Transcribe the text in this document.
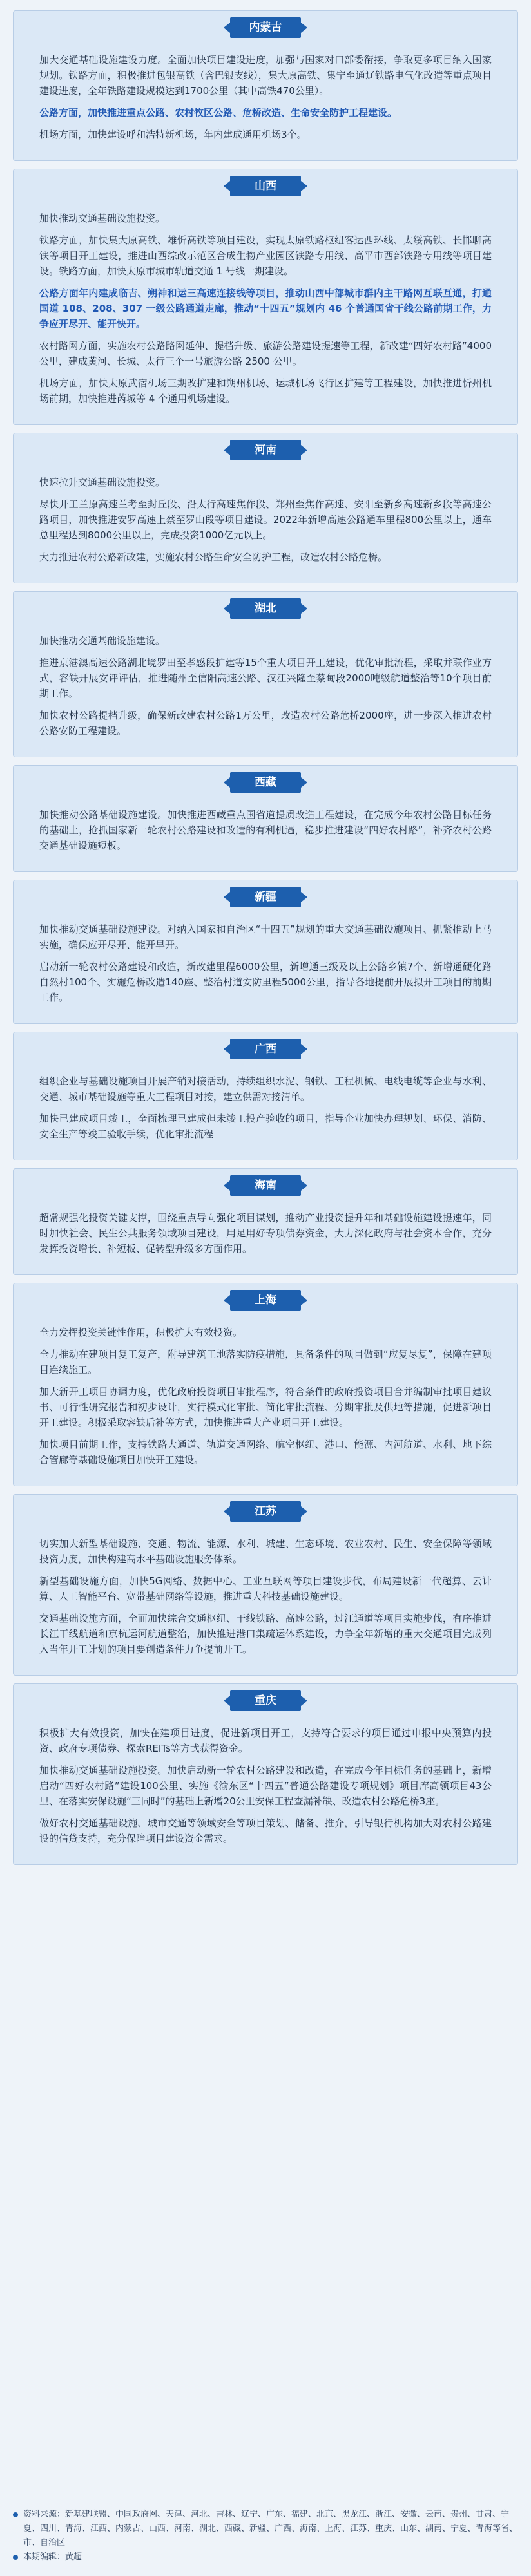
内蒙古

加大交通基础设施建设力度。全面加快项目建设进度，加强与国家对口部委衔接，争取更多项目纳入国家规划。铁路方面，积极推进包银高铁（含巴银支线），集大原高铁、集宁至通辽铁路电气化改造等重点项目建设进度，全年铁路建设规模达到1700公里（其中高铁470公里）。

公路方面，加快推进重点公路、农村牧区公路、危桥改造、生命安全防护工程建设。

机场方面，加快建设呼和浩特新机场，年内建成通用机场3个。

山西

加快推动交通基础设施投资。

铁路方面，加快集大原高铁、雄忻高铁等项目建设，实现太原铁路枢纽客运西环线、太绥高铁、长邯聊高铁等项目开工建设，推进山西综改示范区合成生物产业园区铁路专用线、高平市西部铁路专用线等项目建设。铁路方面，加快太原市城市轨道交通 1 号线一期建设。

公路方面年内建成临吉、朔神和运三高速连接线等项目，推动山西中部城市群内主干路网互联互通，打通国道 108、208、307 一级公路通道走廊，推动“十四五”规划内 46 个普通国省干线公路前期工作，力争应开尽开、能开快开。

农村路网方面，实施农村公路路网延伸、提档升级、旅游公路建设提速等工程，新改建“四好农村路”4000 公里，建成黄河、长城、太行三个一号旅游公路 2500 公里。

机场方面，加快太原武宿机场三期改扩建和朔州机场、运城机场飞行区扩建等工程建设，加快推进忻州机场前期，加快推进芮城等 4 个通用机场建设。

河南

快速拉升交通基础设施投资。

尽快开工兰原高速兰考至封丘段、沿太行高速焦作段、郑州至焦作高速、安阳至新乡高速新乡段等高速公路项目，加快推进安罗高速上蔡至罗山段等项目建设。2022年新增高速公路通车里程800公里以上，通车总里程达到8000公里以上，完成投资1000亿元以上。

大力推进农村公路新改建，实施农村公路生命安全防护工程，改造农村公路危桥。

湖北

加快推动交通基础设施建设。

推进京港澳高速公路湖北境罗田至孝感段扩建等15个重大项目开工建设，优化审批流程，采取并联作业方式，容缺开展安评评估，推进随州至信阳高速公路、汉江兴隆至蔡甸段2000吨级航道整治等10个项目前期工作。

加快农村公路提档升级，确保新改建农村公路1万公里，改造农村公路危桥2000座，进一步深入推进农村公路安防工程建设。

西藏

加快推动公路基础设施建设。加快推进西藏重点国省道提质改造工程建设，在完成今年农村公路目标任务的基础上，抢抓国家新一轮农村公路建设和改造的有利机遇，稳步推进建设“四好农村路”，补齐农村公路交通基础设施短板。

新疆

加快推动交通基础设施建设。对纳入国家和自治区“十四五”规划的重大交通基础设施项目、抓紧推动上马实施，确保应开尽开、能开早开。

启动新一轮农村公路建设和改造，新改建里程6000公里，新增通三级及以上公路乡镇7个、新增通硬化路自然村100个、实施危桥改造140座、整治村道安防里程5000公里，指导各地提前开展拟开工项目的前期工作。

广西

组织企业与基础设施项目开展产销对接活动，持续组织水泥、钢铁、工程机械、电线电缆等企业与水利、交通、城市基础设施等重大工程项目对接，建立供需对接清单。

加快已建成项目竣工，全面梳理已建成但未竣工投产验收的项目，指导企业加快办理规划、环保、消防、安全生产等竣工验收手续，优化审批流程

海南

超常规强化投资关键支撑，围绕重点导向强化项目谋划，推动产业投资提升年和基础设施建设提速年，同时加快社会、民生公共服务领域项目建设，用足用好专项债券资金，大力深化政府与社会资本合作，充分发挥投资增长、补短板、促转型升级多方面作用。

上海

全力发挥投资关键性作用，积极扩大有效投资。

全力推动在建项目复工复产，附导建筑工地落实防疫措施，具备条件的项目做到“应复尽复”，保障在建项目连续施工。

加大新开工项目协调力度，优化政府投资项目审批程序，符合条件的政府投资项目合并编制审批项目建议书、可行性研究报告和初步设计，实行模式化审批、简化审批流程、分期审批及供地等措施，促进新项目开工建设。积极采取容缺后补等方式，加快推进重大产业项目开工建设。

加快项目前期工作，支持铁路大通道、轨道交通网络、航空枢纽、港口、能源、内河航道、水利、地下综合管廊等基础设施项目加快开工建设。

江苏

切实加大新型基础设施、交通、物流、能源、水利、城建、生态环境、农业农村、民生、安全保障等领域投资力度，加快构建高水平基础设施服务体系。

新型基础设施方面，加快5G网络、数据中心、工业互联网等项目建设步伐，布局建设新一代超算、云计算、人工智能平台、宽带基础网络等设施，推进重大科技基础设施建设。

交通基础设施方面，全面加快综合交通枢纽、干线铁路、高速公路，过江通道等项目实施步伐，有序推进长江干线航道和京杭运河航道整治，加快推进港口集疏运体系建设，力争全年新增的重大交通项目完成列入当年开工计划的项目要创造条件力争提前开工。

重庆

积极扩大有效投资，加快在建项目进度，促进新项目开工，支持符合要求的项目通过申报中央预算内投资、政府专项债券、探索REITs等方式获得资金。

加快推动交通基础设施投资。加快启动新一轮农村公路建设和改造，在完成今年目标任务的基础上，新增启动“四好农村路”建设100公里、实施《渝东区“十四五”普通公路建设专项规划》项目库高领项目43公里、在落实安保设施“三同时”的基础上新增20公里安保工程查漏补缺、改造农村公路危桥3座。

做好农村交通基础设施、城市交通等领域安全等项目策划、储备、推介，引导银行机构加大对农村公路建设的信贷支持，充分保障项目建设资金需求。

资料来源：新基建联盟、中国政府网、天津、河北、吉林、辽宁、广东、福建、北京、黑龙江、浙江、安徽、云南、贵州、甘肃、宁夏、四川、青海、江西、内蒙古、山西、河南、湖北、西藏、新疆、广西、海南、上海、江苏、重庆、山东、湖南、宁夏、青海等省、市、自治区
本期编辑：黄超
